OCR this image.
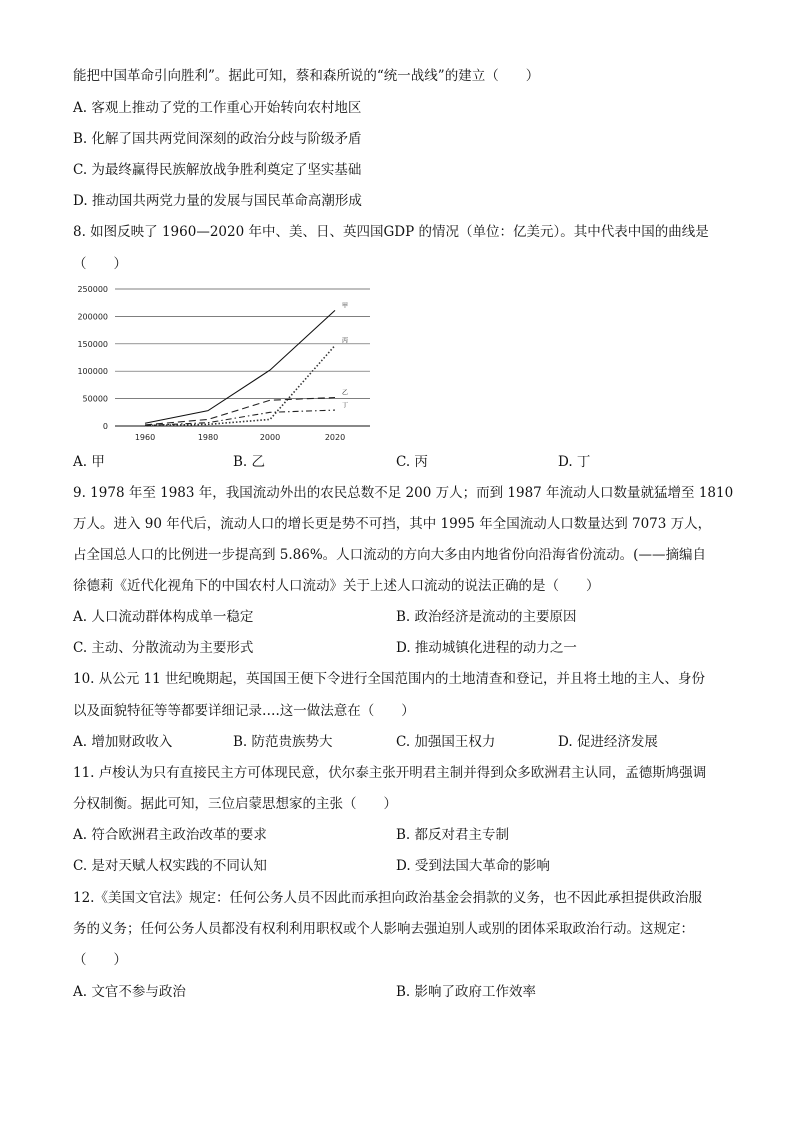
能把中国革命引向胜利”。据此可知，蔡和森所说的“统一战线”的建立（　　）
A. 客观上推动了党的工作重心开始转向农村地区
B. 化解了国共两党间深刻的政治分歧与阶级矛盾
C. 为最终赢得民族解放战争胜利奠定了坚实基础
D. 推动国共两党力量的发展与国民革命高潮形成
8. 如图反映了 1960—2020 年中、美、日、英四国GDP 的情况（单位：亿美元）。其中代表中国的曲线是
（　　）
250000
200000
150000
100000
50000
0
1960	1980	2000	2020
甲
丙
乙
丁
A. 甲	B. 乙	C. 丙	D. 丁
9. 1978 年至 1983 年，我国流动外出的农民总数不足 200 万人；而到 1987 年流动人口数量就猛增至 1810
万人。进入 90 年代后，流动人口的增长更是势不可挡，其中 1995 年全国流动人口数量达到 7073 万人，
占全国总人口的比例进一步提高到 5.86%。人口流动的方向大多由内地省份向沿海省份流动。(——摘编自
徐德莉《近代化视角下的中国农村人口流动》关于上述人口流动的说法正确的是（　　）
A. 人口流动群体构成单一稳定	B. 政治经济是流动的主要原因
C. 主动、分散流动为主要形式	D. 推动城镇化进程的动力之一
10. 从公元 11 世纪晚期起，英国国王便下令进行全国范围内的土地清查和登记，并且将土地的主人、身份
以及面貌特征等等都要详细记录….这一做法意在（　　）
A. 增加财政收入	B. 防范贵族势大	C. 加强国王权力	D. 促进经济发展
11. 卢梭认为只有直接民主方可体现民意，伏尔泰主张开明君主制并得到众多欧洲君主认同，孟德斯鸠强调
分权制衡。据此可知，三位启蒙思想家的主张（　　）
A. 符合欧洲君主政治改革的要求	B. 都反对君主专制
C. 是对天赋人权实践的不同认知	D. 受到法国大革命的影响
12.《美国文官法》规定：任何公务人员不因此而承担向政治基金会捐款的义务，也不因此承担提供政治服
务的义务；任何公务人员都没有权利利用职权或个人影响去强迫别人或别的团体采取政治行动。这规定：
（　　）
A. 文官不参与政治	B. 影响了政府工作效率
